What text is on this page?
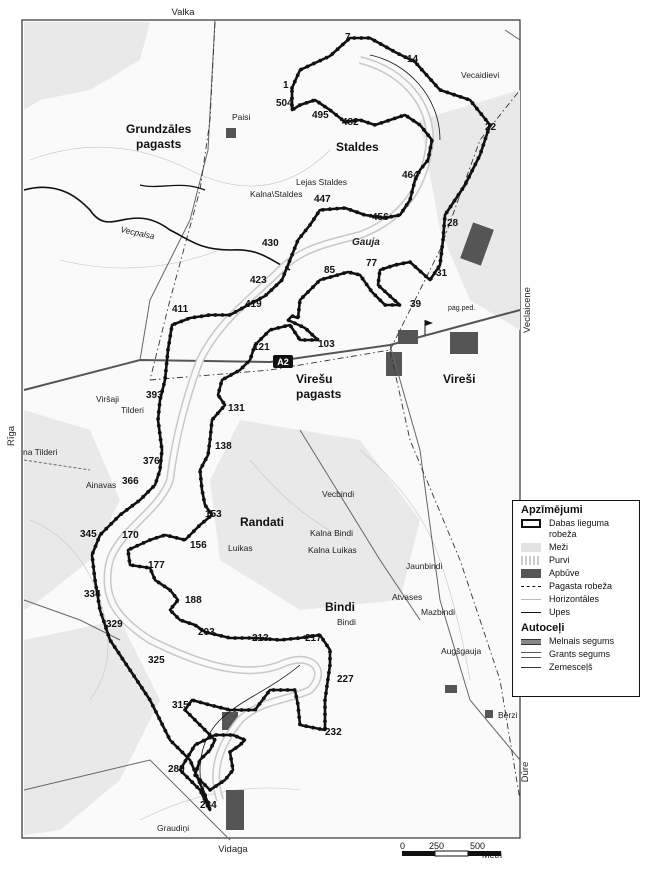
1
7
14
22
28
31
39
77
85
103
121
131
138
153
156
170
177
188
203
213	217
227
232
284
289
315
325
329
334
345
366
376
393
411	419
423
430
447
456
464
482
495
504
Grundzāles
pagasts	Staldes
Virešu
pagasts
Vireši
Randati
Bindi
Vecaidievi
Paisi
Lejas Staldes
Kalna\Staldes
Vecpalsa
Gauja
pag.ped.
Viršaji
Tilderi
na Tilderi
Ainavas
Vecbindi
Kalna Bindi
Luikas	Kalna Luikas
Jaunbindi
Atvases
Mazbindi
Bindi
Augšgauja
Bērzi
Graudiņi
A2
Valka
Vidaga
Rīga
Veclaicene
Dūre
0	250	500
Metri
Apzīmējumi
Dabas lieguma robeža
Meži
Purvi
Apbūve
Pagasta robeža
Horizontāles
Upes
Autoceļi
Melnais segums
Grants segums
Zemesceļš
